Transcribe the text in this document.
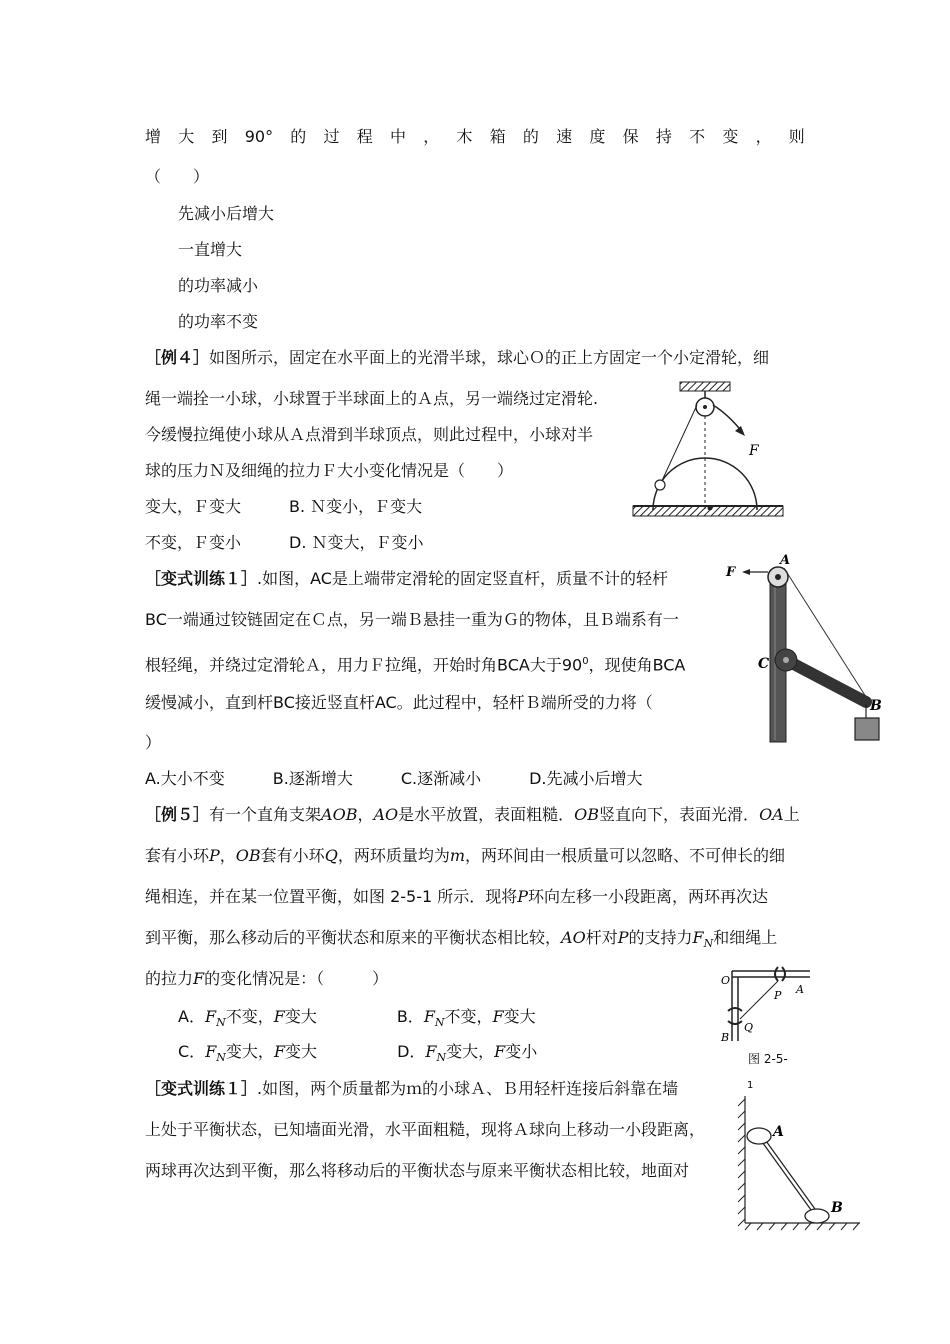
增 大 到 90° 的 过 程 中 ， 木 箱 的 速 度 保 持 不 变 ， 则
（　　）
先减小后增大
一直增大
的功率减小
的功率不变
［例４］如图所示，固定在水平面上的光滑半球，球心Ｏ的正上方固定一个小定滑轮，细
绳一端拴一小球，小球置于半球面上的Ａ点，另一端绕过定滑轮.
今缓慢拉绳使小球从Ａ点滑到半球顶点，则此过程中，小球对半
球的压力Ｎ及细绳的拉力Ｆ大小变化情况是（　　）
变大，Ｆ变大　　　B. Ｎ变小，Ｆ变大
不变，Ｆ变小　　　D. Ｎ变大，Ｆ变小
F
［变式训练１］.如图，AC是上端带定滑轮的固定竖直杆，质量不计的轻杆
BC一端通过铰链固定在Ｃ点，另一端Ｂ悬挂一重为Ｇ的物体，且Ｂ端系有一
根轻绳，并绕过定滑轮Ａ，用力Ｆ拉绳，开始时角BCA大于$90^0$，现使角BCA
缓慢减小，直到杆BC接近竖直杆AC。此过程中，轻杆Ｂ端所受的力将（
）
A.大小不变　　　B.逐渐增大　　　C.逐渐减小　　　D.先减小后增大
A
F
C
B
［例５］有一个直角支架AOB，AO是水平放置，表面粗糙．OB竖直向下，表面光滑．OA上
套有小环P，OB套有小环Q，两环质量均为m，两环间由一根质量可以忽略、不可伸长的细
绳相连，并在某一位置平衡，如图 2-5-1 所示．现将P环向左移一小段距离，两环再次达
到平衡，那么移动后的平衡状态和原来的平衡状态相比较，AO杆对P的支持力$F_N$和细绳上
的拉力F的变化情况是：（　　　）
A．$F_N$不变，F变大	B．$F_N$不变，F变大
C．$F_N$变大，F变大	D．$F_N$变大，F变小
O
P A
Q
B
图 2-5-
［变式训练１］.如图，两个质量都为ｍ的小球Ａ、Ｂ用轻杆连接后斜靠在墙
上处于平衡状态，已知墙面光滑，水平面粗糙，现将Ａ球向上移动一小段距离，
两球再次达到平衡，那么将移动后的平衡状态与原来平衡状态相比较，地面对
1
A
B
